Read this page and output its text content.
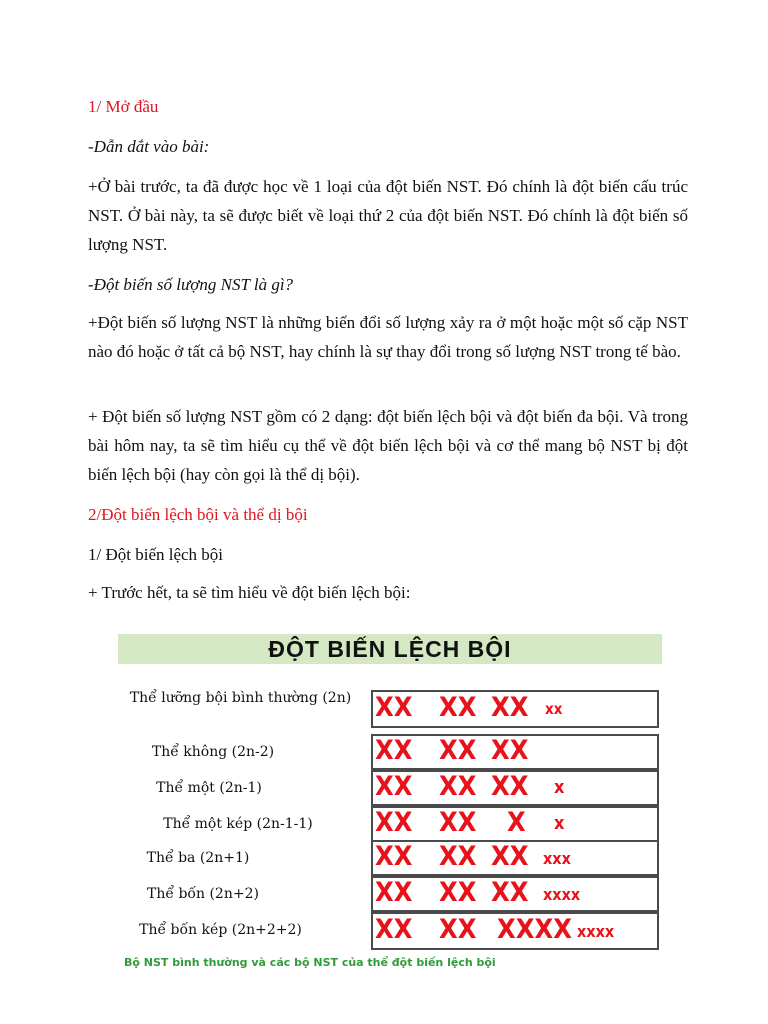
1/ Mở đầu

-Dẫn dắt vào bài:

+Ở bài trước, ta đã được học về 1 loại của đột biến NST. Đó chính là đột biến cấu trúc NST. Ở bài này, ta sẽ được biết về loại thứ 2 của đột biến NST. Đó chính là đột biến số lượng NST.

-Đột biến số lượng NST là gì?

+Đột biến số lượng NST là những biến đổi số lượng xảy ra ở một hoặc một số cặp NST nào đó hoặc ở tất cả bộ NST, hay chính là sự thay đổi trong số lượng NST trong tế bào.

+ Đột biến số lượng NST gồm có 2 dạng: đột biến lệch bội và đột biến đa bội. Và trong bài hôm nay, ta sẽ tìm hiểu cụ thể về đột biến lệch bội và cơ thể mang bộ NST bị đột biến lệch bội (hay còn gọi là thể dị bội).

2/Đột biến lệch bội và thể dị bội

1/ Đột biến lệch bội

+ Trước hết, ta sẽ tìm hiểu về đột biến lệch bội:

ĐỘT BIẾN LỆCH BỘI
Thể lưỡng bội bình thường (2n) XX XX XX xx
Thể không (2n-2)	XX XX XX
Thể một (2n-1)	XX XX XX x
Thể một kép (2n-1-1)	XX XX X x
Thể ba (2n+1)	XX XX XX xxx
Thể bốn (2n+2)	XX XX XX xxxx
Thể bốn kép (2n+2+2)	XX XX XXXX xxxx
Bộ NST bình thường và các bộ NST của thể đột biến lệch bội
